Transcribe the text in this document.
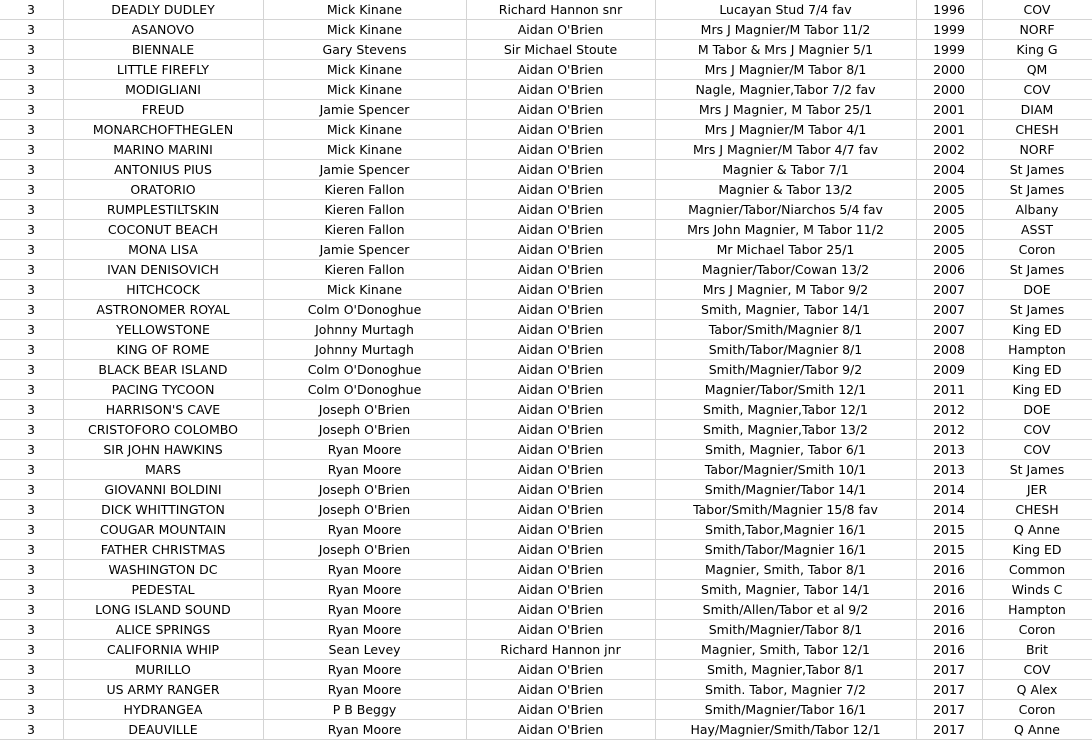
3	DEADLY DUDLEY	Mick Kinane	Richard Hannon snr	Lucayan Stud 7/4 fav	1996	COV
3	ASANOVO	Mick Kinane	Aidan O'Brien	Mrs J Magnier/M Tabor 11/2	1999	NORF
3	BIENNALE	Gary Stevens	Sir Michael Stoute	M Tabor & Mrs J Magnier 5/1	1999	King G
3	LITTLE FIREFLY	Mick Kinane	Aidan O'Brien	Mrs J Magnier/M Tabor 8/1	2000	QM
3	MODIGLIANI	Mick Kinane	Aidan O'Brien	Nagle, Magnier,Tabor 7/2 fav	2000	COV
3	FREUD	Jamie Spencer	Aidan O'Brien	Mrs J Magnier, M Tabor 25/1	2001	DIAM
3	MONARCHOFTHEGLEN	Mick Kinane	Aidan O'Brien	Mrs J Magnier/M Tabor 4/1	2001	CHESH
3	MARINO MARINI	Mick Kinane	Aidan O'Brien	Mrs J Magnier/M Tabor 4/7 fav	2002	NORF
3	ANTONIUS PIUS	Jamie Spencer	Aidan O'Brien	Magnier & Tabor 7/1	2004	St James
3	ORATORIO	Kieren Fallon	Aidan O'Brien	Magnier & Tabor 13/2	2005	St James
3	RUMPLESTILTSKIN	Kieren Fallon	Aidan O'Brien	Magnier/Tabor/Niarchos 5/4 fav	2005	Albany
3	COCONUT BEACH	Kieren Fallon	Aidan O'Brien	Mrs John Magnier, M Tabor 11/2	2005	ASST
3	MONA LISA	Jamie Spencer	Aidan O'Brien	Mr Michael Tabor 25/1	2005	Coron
3	IVAN DENISOVICH	Kieren Fallon	Aidan O'Brien	Magnier/Tabor/Cowan 13/2	2006	St James
3	HITCHCOCK	Mick Kinane	Aidan O'Brien	Mrs J Magnier, M Tabor 9/2	2007	DOE
3	ASTRONOMER ROYAL	Colm O'Donoghue	Aidan O'Brien	Smith, Magnier, Tabor 14/1	2007	St James
3	YELLOWSTONE	Johnny Murtagh	Aidan O'Brien	Tabor/Smith/Magnier 8/1	2007	King ED
3	KING OF ROME	Johnny Murtagh	Aidan O'Brien	Smith/Tabor/Magnier 8/1	2008	Hampton
3	BLACK BEAR ISLAND	Colm O'Donoghue	Aidan O'Brien	Smith/Magnier/Tabor 9/2	2009	King ED
3	PACING TYCOON	Colm O'Donoghue	Aidan O'Brien	Magnier/Tabor/Smith 12/1	2011	King ED
3	HARRISON'S CAVE	Joseph O'Brien	Aidan O'Brien	Smith, Magnier,Tabor 12/1	2012	DOE
3	CRISTOFORO COLOMBO	Joseph O'Brien	Aidan O'Brien	Smith, Magnier,Tabor 13/2	2012	COV
3	SIR JOHN HAWKINS	Ryan Moore	Aidan O'Brien	Smith, Magnier, Tabor 6/1	2013	COV
3	MARS	Ryan Moore	Aidan O'Brien	Tabor/Magnier/Smith 10/1	2013	St James
3	GIOVANNI BOLDINI	Joseph O'Brien	Aidan O'Brien	Smith/Magnier/Tabor 14/1	2014	JER
3	DICK WHITTINGTON	Joseph O'Brien	Aidan O'Brien	Tabor/Smith/Magnier 15/8 fav	2014	CHESH
3	COUGAR MOUNTAIN	Ryan Moore	Aidan O'Brien	Smith,Tabor,Magnier 16/1	2015	Q Anne
3	FATHER CHRISTMAS	Joseph O'Brien	Aidan O'Brien	Smith/Tabor/Magnier 16/1	2015	King ED
3	WASHINGTON DC	Ryan Moore	Aidan O'Brien	Magnier, Smith, Tabor 8/1	2016	Common
3	PEDESTAL	Ryan Moore	Aidan O'Brien	Smith, Magnier, Tabor 14/1	2016	Winds C
3	LONG ISLAND SOUND	Ryan Moore	Aidan O'Brien	Smith/Allen/Tabor et al 9/2	2016	Hampton
3	ALICE SPRINGS	Ryan Moore	Aidan O'Brien	Smith/Magnier/Tabor 8/1	2016	Coron
3	CALIFORNIA WHIP	Sean Levey	Richard Hannon jnr	Magnier, Smith, Tabor 12/1	2016	Brit
3	MURILLO	Ryan Moore	Aidan O'Brien	Smith, Magnier,Tabor 8/1	2017	COV
3	US ARMY RANGER	Ryan Moore	Aidan O'Brien	Smith. Tabor, Magnier 7/2	2017	Q Alex
3	HYDRANGEA	P B Beggy	Aidan O'Brien	Smith/Magnier/Tabor 16/1	2017	Coron
3	DEAUVILLE	Ryan Moore	Aidan O'Brien	Hay/Magnier/Smith/Tabor 12/1	2017	Q Anne
